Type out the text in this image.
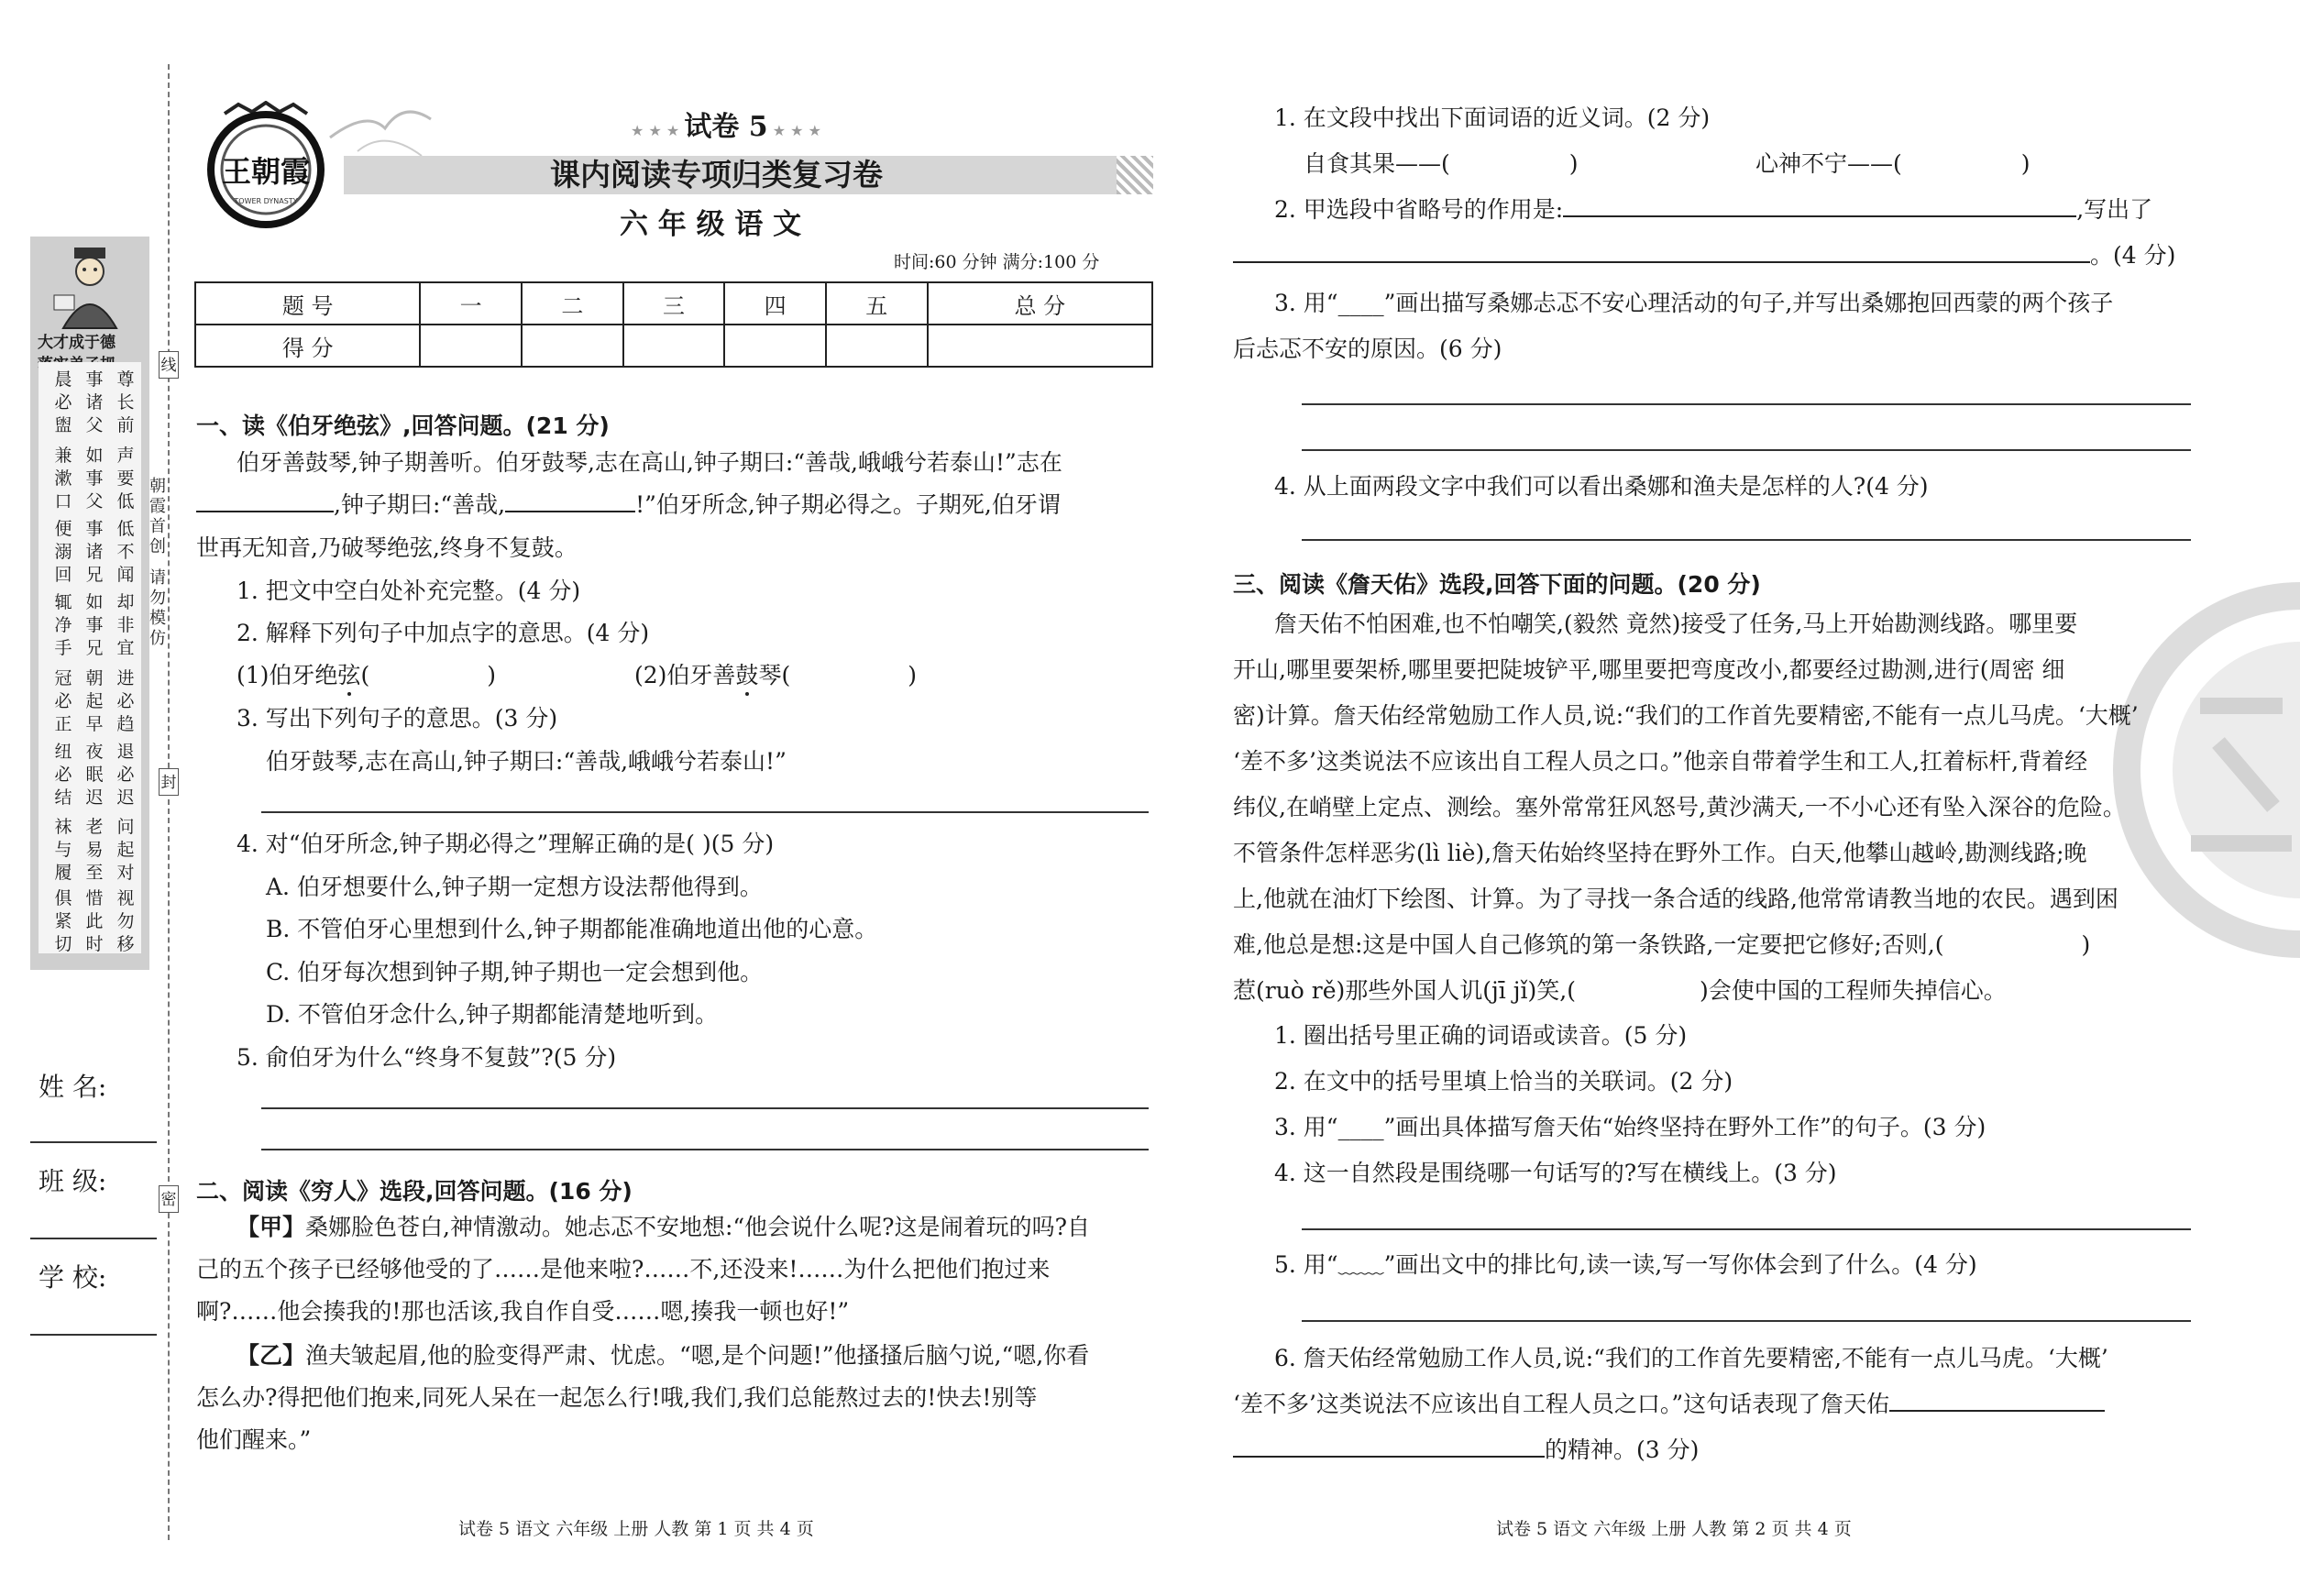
线
封
密
朝霞首创
请勿模仿
大才成于德
晨必盥
事诸父
尊长前
兼漱口
如事父
声要低
便溺回
事诸兄
低不闻
辄净手
如事兄
却非宜
冠必正
朝起早
进必趋
纽必结
夜眠迟
退必迟
袜与履
老易至
问起对
俱紧切
惜此时
视勿移
姓 名:
班 级:
学 校:
王朝霞
TOWER DYNASTY
★ ★ ★ 试卷 5 ★ ★ ★
课内阅读专项归类复习卷
六 年 级 语 文
时间:60 分钟 满分:100 分
题 号	一	二	三	四	五	总 分
得 分						
一、读《伯牙绝弦》,回答问题。(21 分)
伯牙善鼓琴,钟子期善听。伯牙鼓琴,志在高山,钟子期曰:“善哉,峨峨兮若泰山!”志在
,钟子期曰:“善哉,	!”伯牙所念,钟子期必得之。子期死,伯牙谓
世再无知音,乃破琴绝弦,终身不复鼓。
1. 把文中空白处补充完整。(4 分)
2. 解释下列句子中加点字的意思。(4 分)
(1)伯牙绝弦(	)	(2)伯牙善鼓琴(	)
3. 写出下列句子的意思。(3 分)
伯牙鼓琴,志在高山,钟子期曰:“善哉,峨峨兮若泰山!”
4. 对“伯牙所念,钟子期必得之”理解正确的是( )(5 分)
A. 伯牙想要什么,钟子期一定想方设法帮他得到。
B. 不管伯牙心里想到什么,钟子期都能准确地道出他的心意。
C. 伯牙每次想到钟子期,钟子期也一定会想到他。
D. 不管伯牙念什么,钟子期都能清楚地听到。
5. 俞伯牙为什么“终身不复鼓”?(5 分)
二、阅读《穷人》选段,回答问题。(16 分)
【甲】桑娜脸色苍白,神情激动。她忐忑不安地想:“他会说什么呢?这是闹着玩的吗?自
己的五个孩子已经够他受的了……是他来啦?……不,还没来!……为什么把他们抱过来
啊?……他会揍我的!那也活该,我自作自受……嗯,揍我一顿也好!”
【乙】渔夫皱起眉,他的脸变得严肃、忧虑。“嗯,是个问题!”他搔搔后脑勺说,“嗯,你看
怎么办?得把他们抱来,同死人呆在一起怎么行!哦,我们,我们总能熬过去的!快去!别等
他们醒来。”
1. 在文段中找出下面词语的近义词。(2 分)
自食其果——(	)	心神不宁——(	)
2. 甲选段中省略号的作用是:	,写出了
。(4 分)
3. 用“____”画出描写桑娜忐忑不安心理活动的句子,并写出桑娜抱回西蒙的两个孩子
后忐忑不安的原因。(6 分)
4. 从上面两段文字中我们可以看出桑娜和渔夫是怎样的人?(4 分)
三、阅读《詹天佑》选段,回答下面的问题。(20 分)
詹天佑不怕困难,也不怕嘲笑,(毅然 竟然)接受了任务,马上开始勘测线路。哪里要
开山,哪里要架桥,哪里要把陡坡铲平,哪里要把弯度改小,都要经过勘测,进行(周密 细
密)计算。詹天佑经常勉励工作人员,说:“我们的工作首先要精密,不能有一点儿马虎。‘大概’
‘差不多’这类说法不应该出自工程人员之口。”他亲自带着学生和工人,扛着标杆,背着经
纬仪,在峭壁上定点、测绘。塞外常常狂风怒号,黄沙满天,一不小心还有坠入深谷的危险。
不管条件怎样恶劣(lì liè),詹天佑始终坚持在野外工作。白天,他攀山越岭,勘测线路;晚
上,他就在油灯下绘图、计算。为了寻找一条合适的线路,他常常请教当地的农民。遇到困
难,他总是想:这是中国人自己修筑的第一条铁路,一定要把它修好;否则,(	)
惹(ruò rě)那些外国人讥(jī jǐ)笑,(	)会使中国的工程师失掉信心。
1. 圈出括号里正确的词语或读音。(5 分)
2. 在文中的括号里填上恰当的关联词。(2 分)
3. 用“____”画出具体描写詹天佑“始终坚持在野外工作”的句子。(3 分)
4. 这一自然段是围绕哪一句话写的?写在横线上。(3 分)
5. 用“﹏﹏”画出文中的排比句,读一读,写一写你体会到了什么。(4 分)
6. 詹天佑经常勉励工作人员,说:“我们的工作首先要精密,不能有一点儿马虎。‘大概’
‘差不多’这类说法不应该出自工程人员之口。”这句话表现了詹天佑
的精神。(3 分)
试卷 5 语文 六年级 上册 人教 第 1 页 共 4 页	试卷 5 语文 六年级 上册 人教 第 2 页 共 4 页
